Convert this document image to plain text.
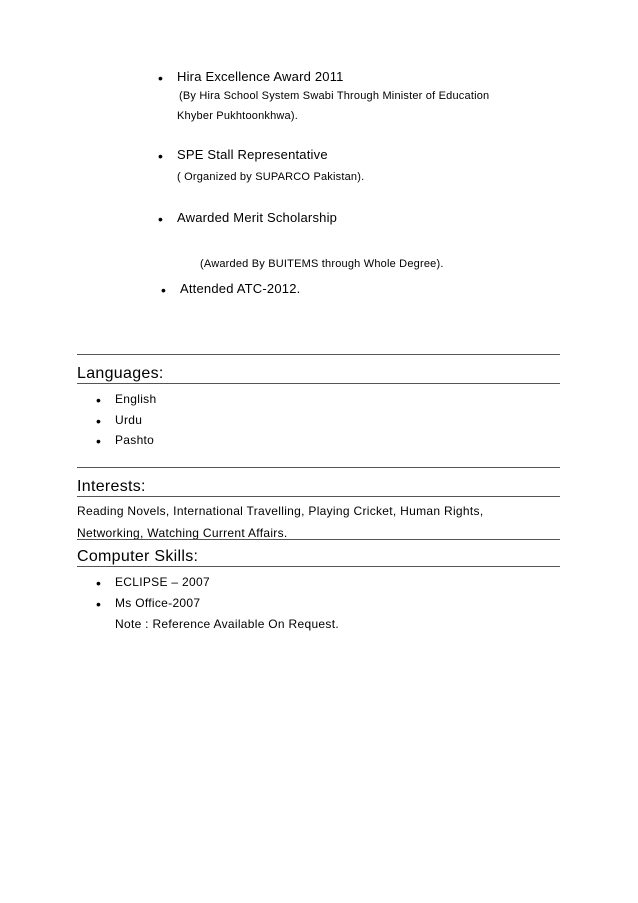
• Hira Excellence Award 2011
(By Hira School System Swabi Through Minister of Education
Khyber Pukhtoonkhwa).
• SPE Stall Representative
( Organized by SUPARCO Pakistan).
• Awarded Merit Scholarship
(Awarded By BUITEMS through Whole Degree).
• Attended ATC-2012.
Languages:
• English
• Urdu
• Pashto
Interests:
Reading Novels, International Travelling, Playing Cricket, Human Rights,
Networking, Watching Current Affairs.
Computer Skills:
• ECLIPSE – 2007
• Ms Office-2007
Note : Reference Available On Request.
